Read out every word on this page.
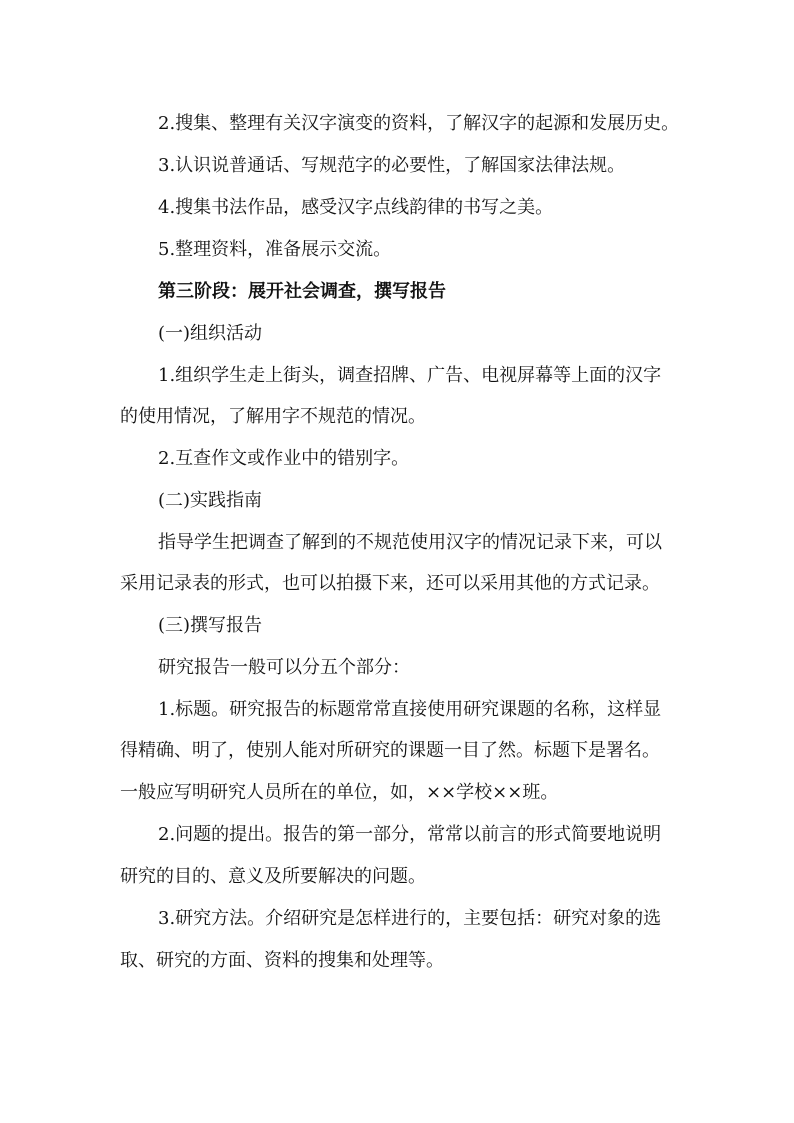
2.搜集、整理有关汉字演变的资料，了解汉字的起源和发展历史。
3.认识说普通话、写规范字的必要性，了解国家法律法规。
4.搜集书法作品，感受汉字点线韵律的书写之美。
5.整理资料，准备展示交流。
第三阶段：展开社会调查，撰写报告
(一)组织活动
1.组织学生走上街头，调查招牌、广告、电视屏幕等上面的汉字
的使用情况，了解用字不规范的情况。
2.互查作文或作业中的错别字。
(二)实践指南
指导学生把调查了解到的不规范使用汉字的情况记录下来，可以
采用记录表的形式，也可以拍摄下来，还可以采用其他的方式记录。
(三)撰写报告
研究报告一般可以分五个部分：
1.标题。研究报告的标题常常直接使用研究课题的名称，这样显
得精确、明了，使别人能对所研究的课题一目了然。标题下是署名。
一般应写明研究人员所在的单位，如，××学校××班。
2.问题的提出。报告的第一部分，常常以前言的形式简要地说明
研究的目的、意义及所要解决的问题。
3.研究方法。介绍研究是怎样进行的，主要包括：研究对象的选
取、研究的方面、资料的搜集和处理等。
